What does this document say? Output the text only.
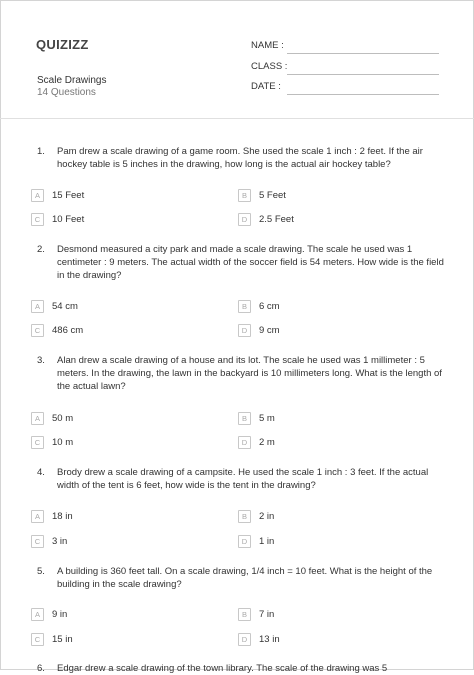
QUIZIZZ
Scale Drawings
14 Questions
NAME :
CLASS :
DATE :
1. Pam drew a scale drawing of a game room. She used the scale 1 inch : 2 feet. If the air hockey table is 5 inches in the drawing, how long is the actual air hockey table?
A	15 Feet	B	5 Feet
C	10 Feet	D	2.5 Feet
2. Desmond measured a city park and made a scale drawing. The scale he used was 1 centimeter : 9 meters. The actual width of the soccer field is 54 meters. How wide is the field in the drawing?
A	54 cm	B	6 cm
C	486 cm	D	9 cm
3. Alan drew a scale drawing of a house and its lot. The scale he used was 1 millimeter : 5 meters. In the drawing, the lawn in the backyard is 10 millimeters long. What is the length of the actual lawn?
A	50 m	B	5 m
C	10 m	D	2 m
4. Brody drew a scale drawing of a campsite. He used the scale 1 inch : 3 feet. If the actual width of the tent is 6 feet, how wide is the tent in the drawing?
A	18 in	B	2 in
C	3 in	D	1 in
5. A building is 360 feet tall. On a scale drawing, 1/4 inch = 10 feet. What is the height of the building in the scale drawing?
A	9 in	B	7 in
C	15 in	D	13 in
6. Edgar drew a scale drawing of the town library. The scale of the drawing was 5
